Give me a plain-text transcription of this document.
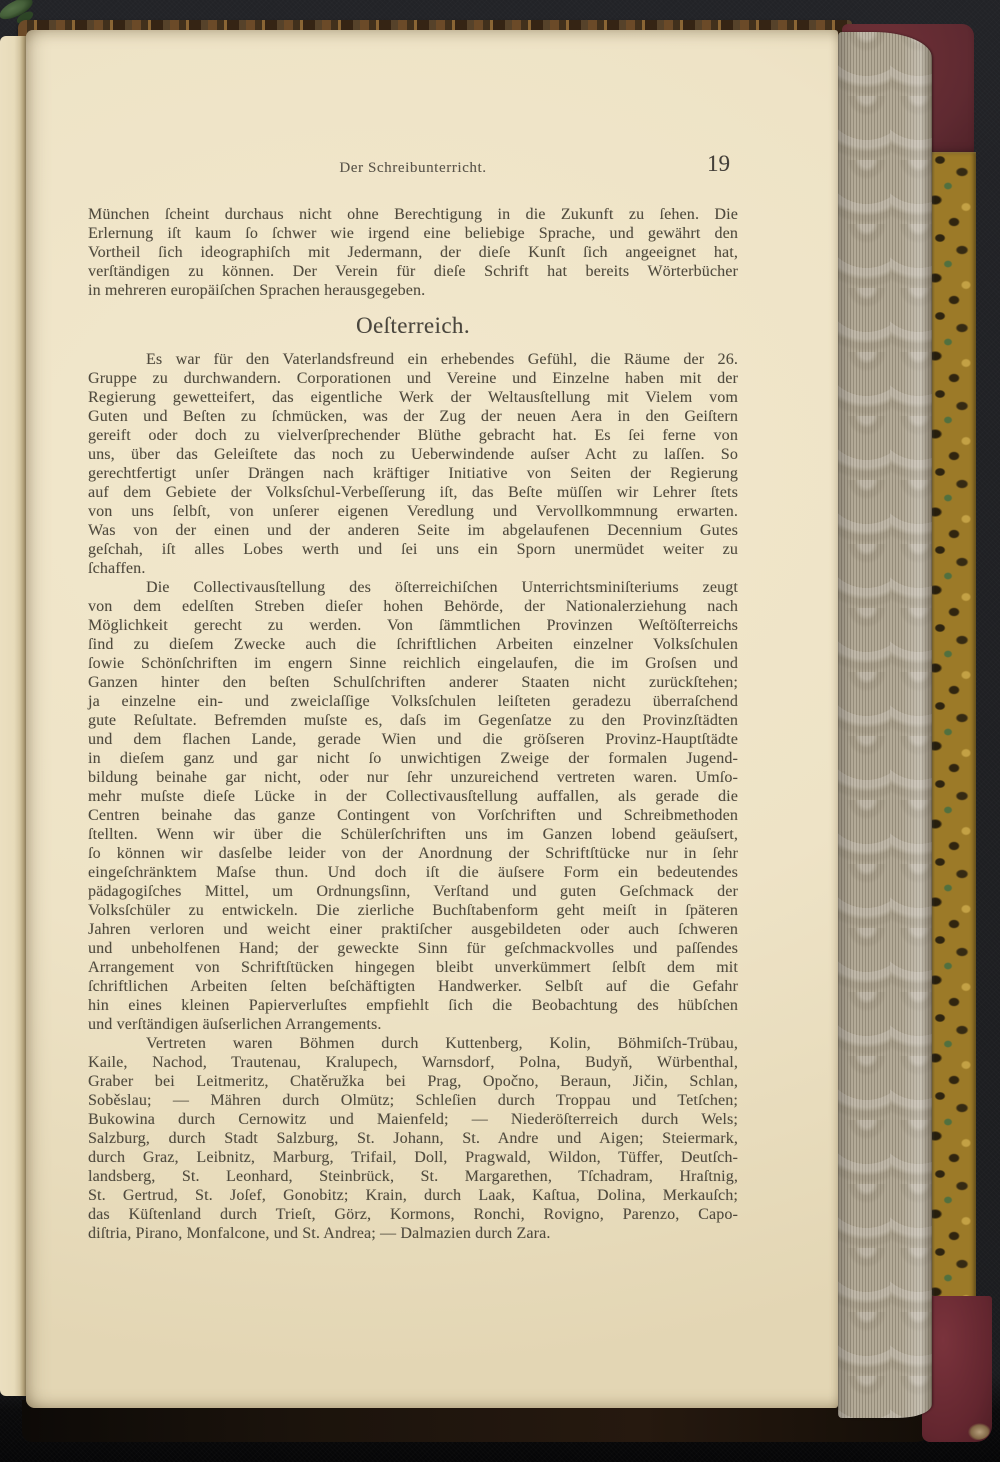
Der Schreibunterricht.	19
München ſcheint durchaus nicht ohne Berechtigung in die Zukunft zu ſehen. Die
Erlernung iſt kaum ſo ſchwer wie irgend eine beliebige Sprache, und gewährt den
Vortheil ſich ideographiſch mit Jedermann, der dieſe Kunſt ſich angeeignet hat,
verſtändigen zu können. Der Verein für dieſe Schrift hat bereits Wörterbücher
in mehreren europäiſchen Sprachen herausgegeben.
Oeſterreich.
Es war für den Vaterlandsfreund ein erhebendes Gefühl, die Räume der 26.
Gruppe zu durchwandern. Corporationen und Vereine und Einzelne haben mit der
Regierung gewetteifert, das eigentliche Werk der Weltausſtellung mit Vielem vom
Guten und Beſten zu ſchmücken, was der Zug der neuen Aera in den Geiſtern
gereift oder doch zu vielverſprechender Blüthe gebracht hat. Es ſei ferne von
uns, über das Geleiſtete das noch zu Ueberwindende auſser Acht zu laſſen. So
gerechtfertigt unſer Drängen nach kräftiger Initiative von Seiten der Regierung
auf dem Gebiete der Volksſchul-Verbeſſerung iſt, das Beſte müſſen wir Lehrer ſtets
von uns ſelbſt, von unſerer eigenen Veredlung und Vervollkommnung erwarten.
Was von der einen und der anderen Seite im abgelaufenen Decennium Gutes
geſchah, iſt alles Lobes werth und ſei uns ein Sporn unermüdet weiter zu
ſchaffen.
Die Collectivausſtellung des öſterreichiſchen Unterrichtsminiſteriums zeugt
von dem edelſten Streben dieſer hohen Behörde, der Nationalerziehung nach
Möglichkeit gerecht zu werden. Von ſämmtlichen Provinzen Weſtöſterreichs
ſind zu dieſem Zwecke auch die ſchriftlichen Arbeiten einzelner Volksſchulen
ſowie Schönſchriften im engern Sinne reichlich eingelaufen, die im Groſsen und
Ganzen hinter den beſten Schulſchriften anderer Staaten nicht zurückſtehen;
ja einzelne ein- und zweiclaſſige Volksſchulen leiſteten geradezu überraſchend
gute Reſultate. Befremden muſste es, daſs im Gegenſatze zu den Provinzſtädten
und dem flachen Lande, gerade Wien und die gröſseren Provinz-Hauptſtädte
in dieſem ganz und gar nicht ſo unwichtigen Zweige der formalen Jugend-
bildung beinahe gar nicht, oder nur ſehr unzureichend vertreten waren. Umſo-
mehr muſste dieſe Lücke in der Collectivausſtellung auffallen, als gerade die
Centren beinahe das ganze Contingent von Vorſchriften und Schreibmethoden
ſtellten. Wenn wir über die Schülerſchriften uns im Ganzen lobend geäuſsert,
ſo können wir dasſelbe leider von der Anordnung der Schriftſtücke nur in ſehr
eingeſchränktem Maſse thun. Und doch iſt die äuſsere Form ein bedeutendes
pädagogiſches Mittel, um Ordnungsſinn, Verſtand und guten Geſchmack der
Volksſchüler zu entwickeln. Die zierliche Buchſtabenform geht meiſt in ſpäteren
Jahren verloren und weicht einer praktiſcher ausgebildeten oder auch ſchweren
und unbeholfenen Hand; der geweckte Sinn für geſchmackvolles und paſſendes
Arrangement von Schriftſtücken hingegen bleibt unverkümmert ſelbſt dem mit
ſchriftlichen Arbeiten ſelten beſchäftigten Handwerker. Selbſt auf die Gefahr
hin eines kleinen Papierverluſtes empfiehlt ſich die Beobachtung des hübſchen
und verſtändigen äuſserlichen Arrangements.
Vertreten waren Böhmen durch Kuttenberg, Kolin, Böhmiſch-Trübau,
Kaile, Nachod, Trautenau, Kralupech, Warnsdorf, Polna, Budyň, Würbenthal,
Graber bei Leitmeritz, Chatěružka bei Prag, Opočno, Beraun, Jičin, Schlan,
Soběslau; — Mähren durch Olmütz; Schleſien durch Troppau und Tetſchen;
Bukowina durch Cernowitz und Maienfeld; — Niederöſterreich durch Wels;
Salzburg, durch Stadt Salzburg, St. Johann, St. Andre und Aigen; Steiermark,
durch Graz, Leibnitz, Marburg, Trifail, Doll, Pragwald, Wildon, Tüffer, Deutſch-
landsberg, St. Leonhard, Steinbrück, St. Margarethen, Tſchadram, Hraſtnig,
St. Gertrud, St. Joſef, Gonobitz; Krain, durch Laak, Kaſtua, Dolina, Merkauſch;
das Küſtenland durch Trieſt, Görz, Kormons, Ronchi, Rovigno, Parenzo, Capo-
diſtria, Pirano, Monfalcone, und St. Andrea; — Dalmazien durch Zara.
